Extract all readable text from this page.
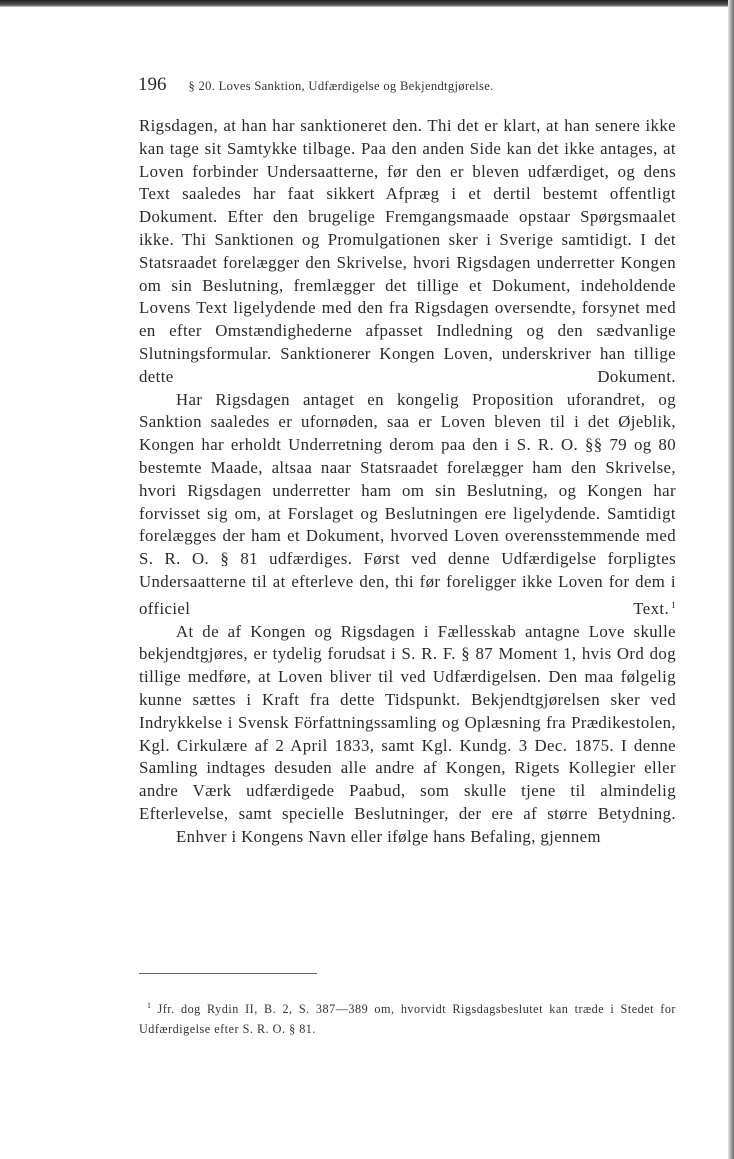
196 § 20. Loves Sanktion, Udfærdigelse og Bekjendtgjørelse.

Rigsdagen, at han har sanktioneret den. Thi det er klart, at han senere ikke kan tage sit Samtykke tilbage. Paa den anden Side kan det ikke antages, at Loven forbinder Undersaatterne, før den er bleven udfærdiget, og dens Text saaledes har faat sikkert Afpræg i et dertil bestemt offentligt Dokument. Efter den brugelige Fremgangsmaade opstaar Spørgsmaalet ikke. Thi Sanktionen og Promulgationen sker i Sverige samtidigt. I det Statsraadet forelægger den Skrivelse, hvori Rigsdagen underretter Kongen om sin Beslutning, fremlægger det tillige et Dokument, indeholdende Lovens Text ligelydende med den fra Rigsdagen oversendte, forsynet med en efter Omstændighederne afpasset Indledning og den sædvanlige Slutningsformular. Sanktionerer Kongen Loven, underskriver han tillige dette Dokument.

Har Rigsdagen antaget en kongelig Proposition uforandret, og Sanktion saaledes er ufornøden, saa er Loven bleven til i det Øjeblik, Kongen har erholdt Underretning derom paa den i S. R. O. §§ 79 og 80 bestemte Maade, altsaa naar Statsraadet forelægger ham den Skrivelse, hvori Rigsdagen underretter ham om sin Beslutning, og Kongen har forvisset sig om, at Forslaget og Beslutningen ere ligelydende. Samtidigt forelægges der ham et Dokument, hvorved Loven overensstemmende med S. R. O. § 81 udfærdiges. Først ved denne Udfærdigelse forpligtes Undersaatterne til at efterleve den, thi før foreligger ikke Loven for dem i officiel Text. $^1$

At de af Kongen og Rigsdagen i Fællesskab antagne Love skulle bekjendtgjøres, er tydelig forudsat i S. R. F. § 87 Moment 1, hvis Ord dog tillige medføre, at Loven bliver til ved Udfærdigelsen. Den maa følgelig kunne sættes i Kraft fra dette Tidspunkt. Bekjendtgjørelsen sker ved Indrykkelse i Svensk Författningssamling og Oplæsning fra Prædikestolen, Kgl. Cirkulære af 2 April 1833, samt Kgl. Kundg. 3 Dec. 1875. I denne Samling indtages desuden alle andre af Kongen, Rigets Kollegier eller andre Værk udfærdigede Paabud, som skulle tjene til almindelig Efterlevelse, samt specielle Beslutninger, der ere af større Betydning.

Enhver i Kongens Navn eller ifølge hans Befaling, gjennem

$^1$ Jfr. dog Rydin II, B. 2, S. 387—389 om, hvorvidt Rigsdagsbeslutet kan træde i Stedet for Udfærdigelse efter S. R. O. § 81.
